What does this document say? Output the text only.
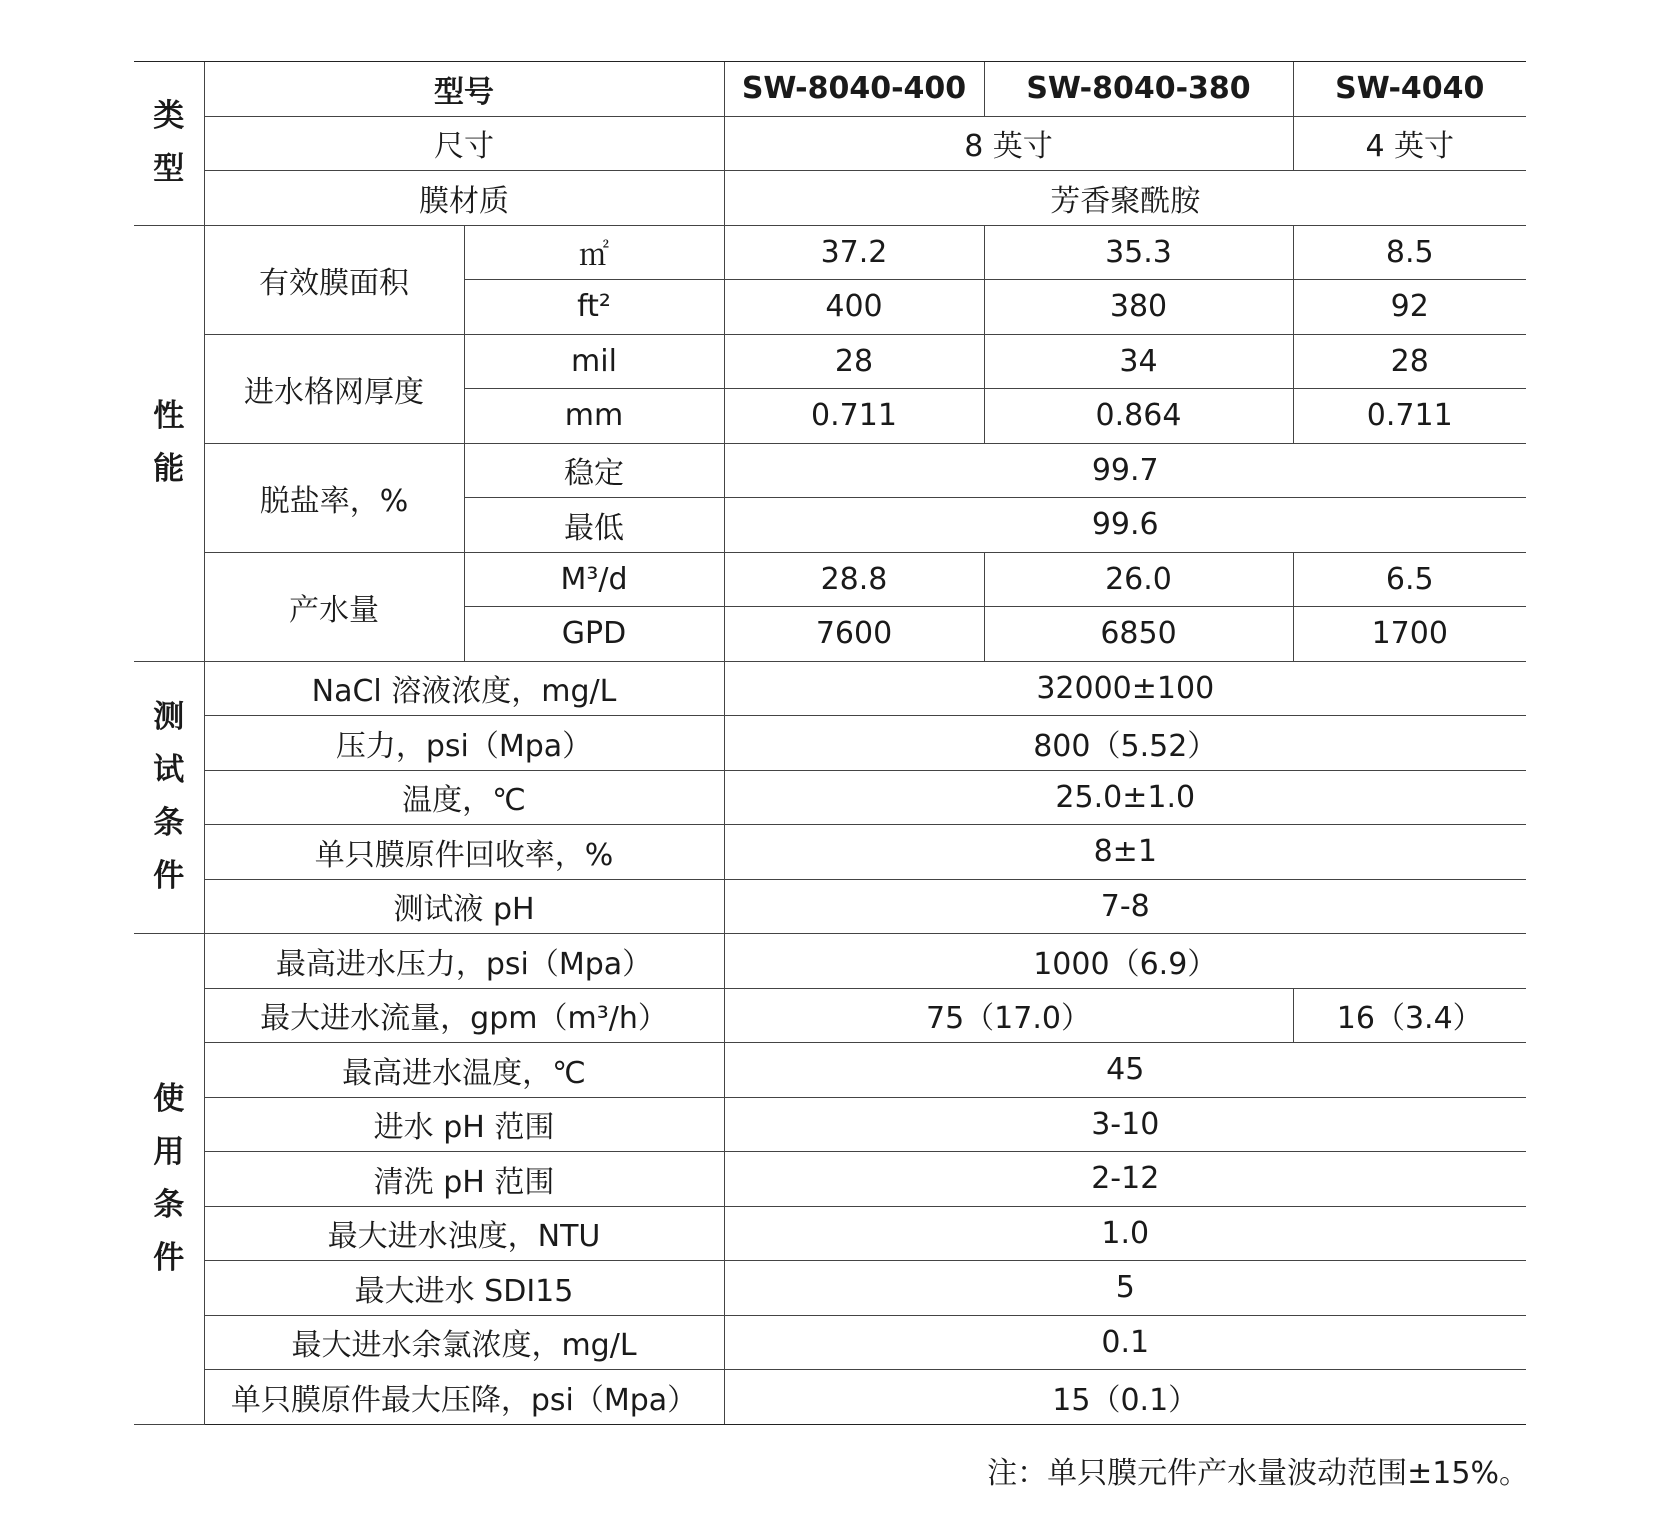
类
型	型号		SW-8040-400	SW-8040-380	SW-4040
	尺寸		8 英寸		4 英寸
	膜材质		芳香聚酰胺		

性
能	有效膜面积	㎡	37.2	35.3	8.5
		ft²	400	380	92
	进水格网厚度	mil	28	34	28
		mm	0.711	0.864	0.711
	脱盐率，%	稳定	99.7		
		最低	99.6		
	产水量	M³/d	28.8	26.0	6.5
		GPD	7600	6850	1700

测
试
条
件	NaCl 溶液浓度，mg/L		32000±100		
	压力，psi（Mpa）		800（5.52）		
	温度，℃		25.0±1.0		
	单只膜原件回收率，%		8±1		
	测试液 pH		7-8		

使
用
条
件	最高进水压力，psi（Mpa）		1000（6.9）		
	最大进水流量，gpm（m³/h）		75（17.0）		16（3.4）
	最高进水温度，℃		45		
	进水 pH 范围		3-10		
	清洗 pH 范围		2-12		
	最大进水浊度，NTU		1.0		
	最大进水 SDI15		5		
	最大进水余氯浓度，mg/L		0.1		
	单只膜原件最大压降，psi（Mpa）		15（0.1）		
注：单只膜元件产水量波动范围±15%。
